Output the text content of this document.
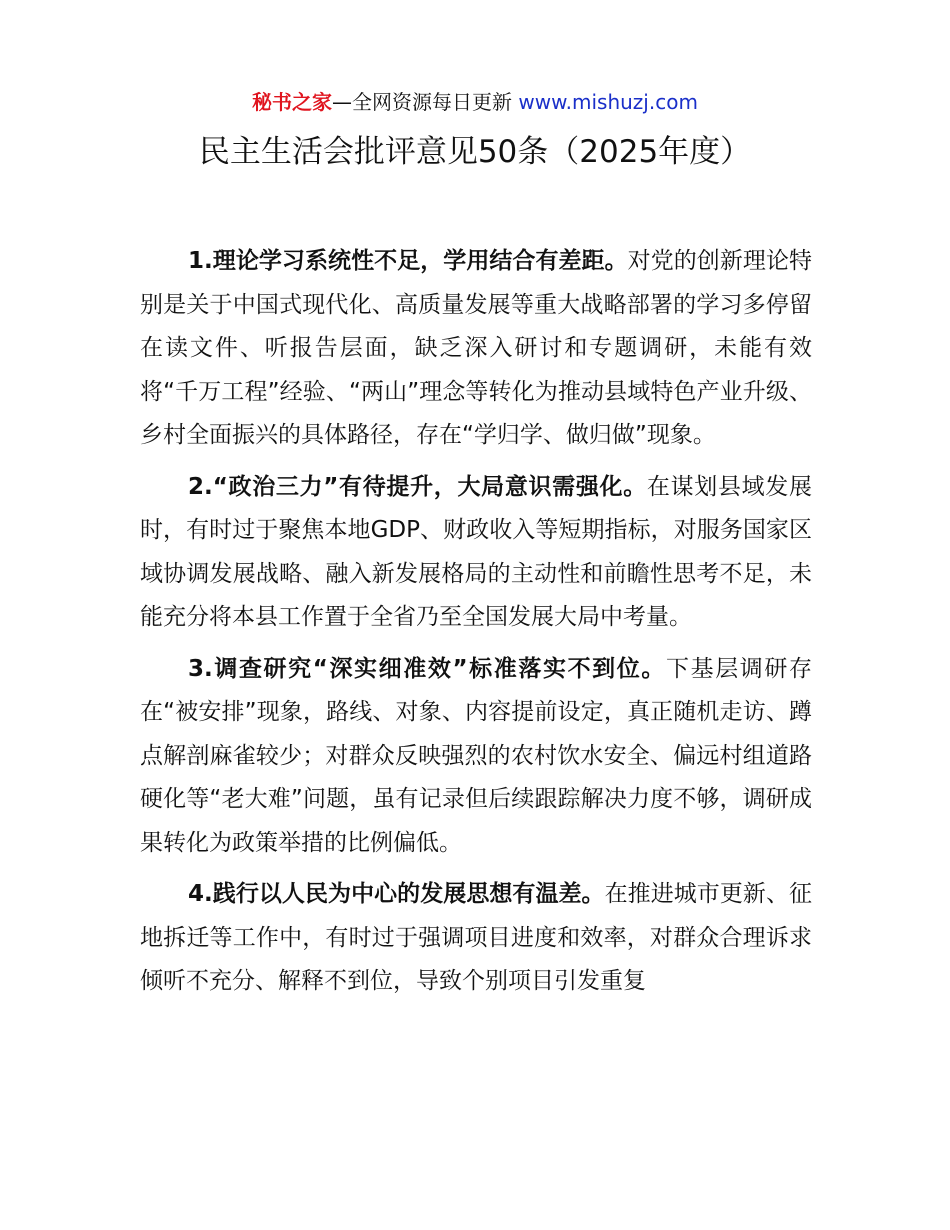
秘书之家—全网资源每日更新 www.mishuzj.com
民主生活会批评意见50条（2025年度）

1.理论学习系统性不足，学用结合有差距。对党的创新理论特别是关于中国式现代化、高质量发展等重大战略部署的学习多停留在读文件、听报告层面，缺乏深入研讨和专题调研，未能有效将“千万工程”经验、“两山”理念等转化为推动县域特色产业升级、乡村全面振兴的具体路径，存在“学归学、做归做”现象。

2.“政治三力”有待提升，大局意识需强化。在谋划县域发展时，有时过于聚焦本地GDP、财政收入等短期指标，对服务国家区域协调发展战略、融入新发展格局的主动性和前瞻性思考不足，未能充分将本县工作置于全省乃至全国发展大局中考量。

3.调查研究“深实细准效”标准落实不到位。下基层调研存在“被安排”现象，路线、对象、内容提前设定，真正随机走访、蹲点解剖麻雀较少；对群众反映强烈的农村饮水安全、偏远村组道路硬化等“老大难”问题，虽有记录但后续跟踪解决力度不够，调研成果转化为政策举措的比例偏低。

4.践行以人民为中心的发展思想有温差。在推进城市更新、征地拆迁等工作中，有时过于强调项目进度和效率，对群众合理诉求倾听不充分、解释不到位，导致个别项目引发重复
